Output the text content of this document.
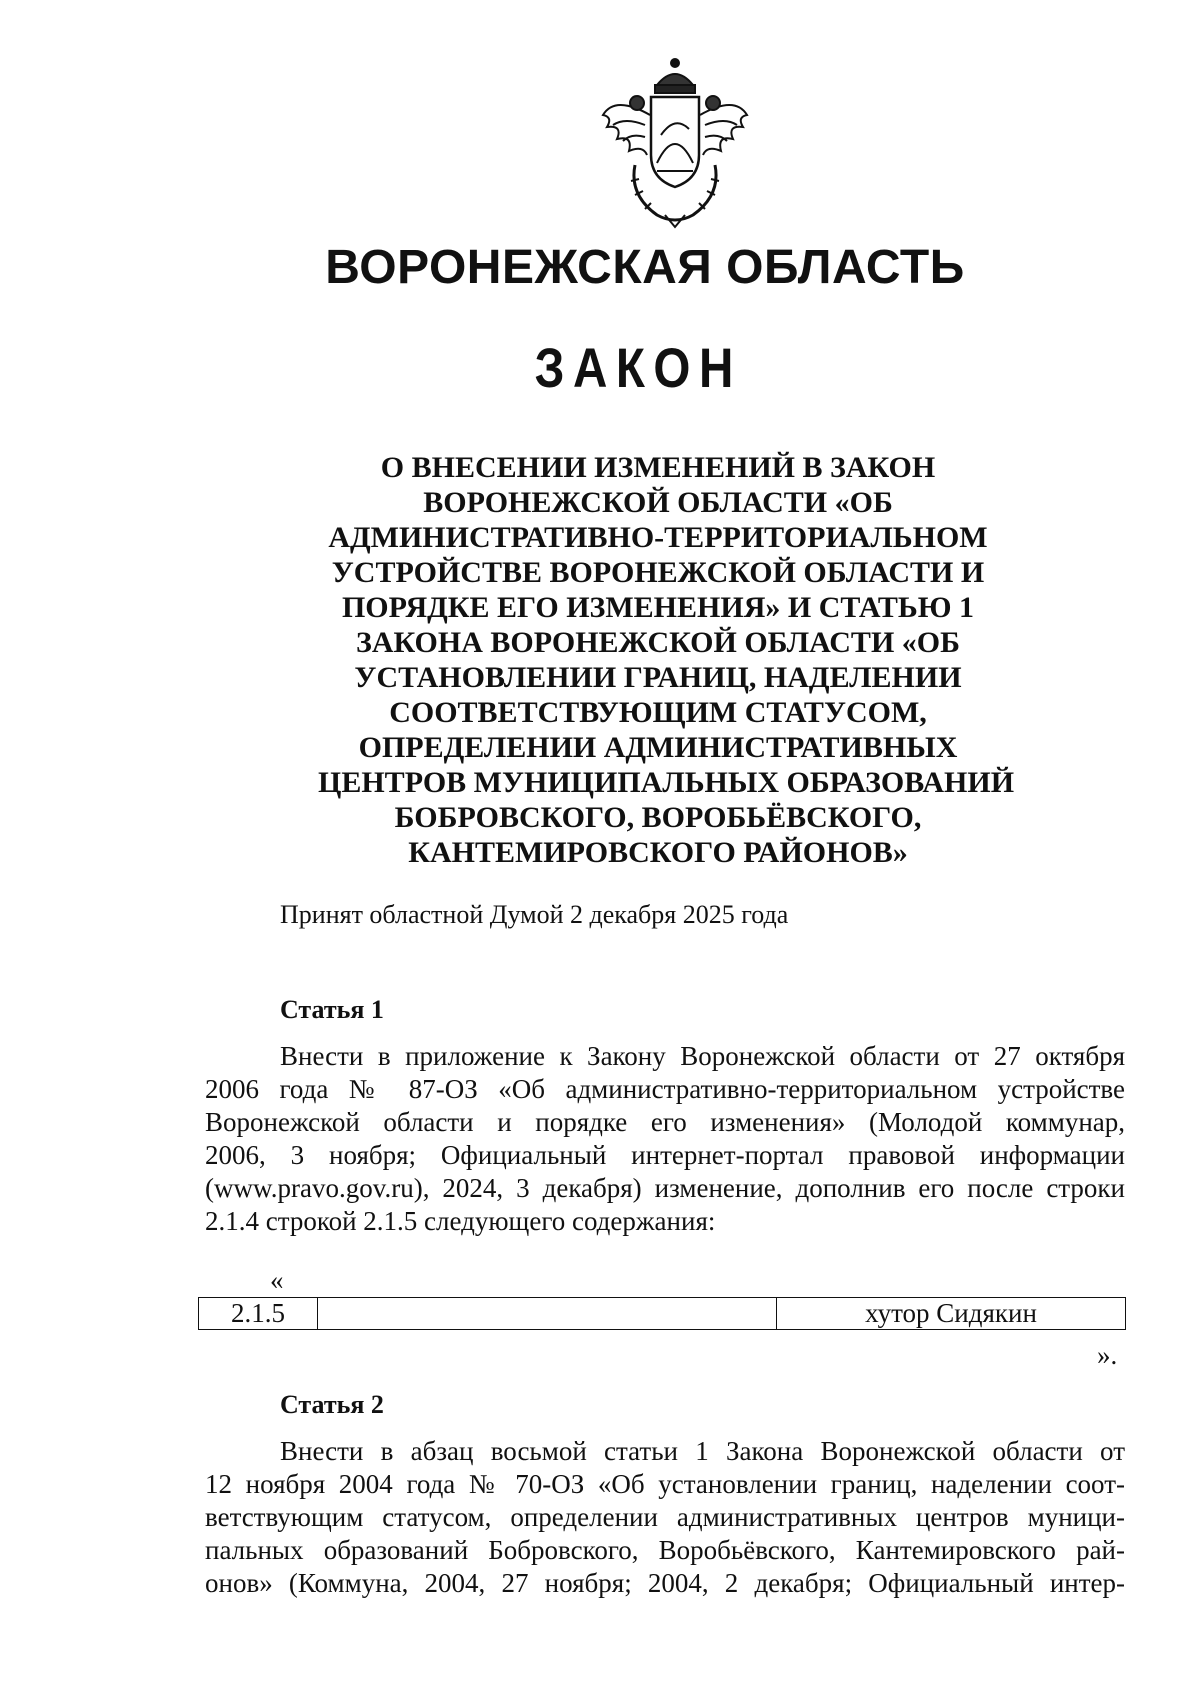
ВОРОНЕЖСКАЯ ОБЛАСТЬ
ЗАКОН
О ВНЕСЕНИИ ИЗМЕНЕНИЙ В ЗАКОН
ВОРОНЕЖСКОЙ ОБЛАСТИ «ОБ
АДМИНИСТРАТИВНО-ТЕРРИТОРИАЛЬНОМ
УСТРОЙСТВЕ ВОРОНЕЖСКОЙ ОБЛАСТИ И
ПОРЯДКЕ ЕГО ИЗМЕНЕНИЯ» И СТАТЬЮ 1
ЗАКОНА ВОРОНЕЖСКОЙ ОБЛАСТИ «ОБ
УСТАНОВЛЕНИИ ГРАНИЦ, НАДЕЛЕНИИ
СООТВЕТСТВУЮЩИМ СТАТУСОМ,
ОПРЕДЕЛЕНИИ АДМИНИСТРАТИВНЫХ
ЦЕНТРОВ МУНИЦИПАЛЬНЫХ ОБРАЗОВАНИЙ
БОБРОВСКОГО, ВОРОБЬЁВСКОГО,
КАНТЕМИРОВСКОГО РАЙОНОВ»
Принят областной Думой 2 декабря 2025 года
Статья 1
Внести в приложение к Закону Воронежской области от 27 октября
2006 года № 87-ОЗ «Об административно-территориальном устройстве
Воронежской области и порядке его изменения» (Молодой коммунар,
2006, 3 ноября; Официальный интернет-портал правовой информации
(www.pravo.gov.ru), 2024, 3 декабря) изменение, дополнив его после строки
2.1.4 строкой 2.1.5 следующего содержания:
«
2.1.5		хутор Сидякин
».
Статья 2
Внести в абзац восьмой статьи 1 Закона Воронежской области от
12 ноября 2004 года № 70-ОЗ «Об установлении границ, наделении соот-
ветствующим статусом, определении административных центров муници-
пальных образований Бобровского, Воробьёвского, Кантемировского рай-
онов» (Коммуна, 2004, 27 ноября; 2004, 2 декабря; Официальный интер-
